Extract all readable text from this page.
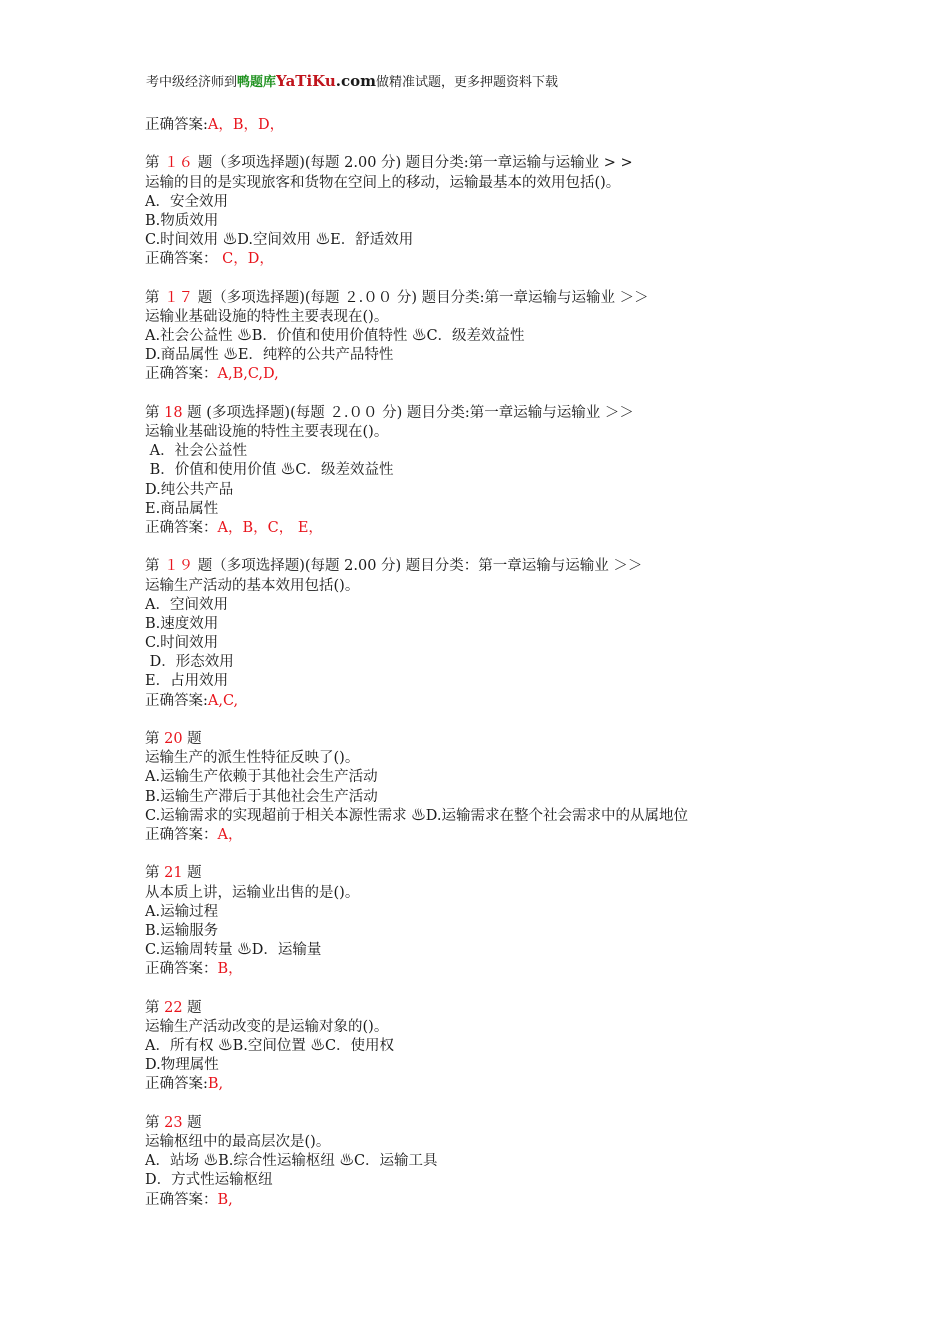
考中级经济师到鸭题库YaTiKu.com做精准试题，更多押题资料下载
正确答案:A，B，D，
第 １６ 题（多项选择题)(每题 2.00 分) 题目分类:第一章运输与运输业 > >
运输的目的是实现旅客和货物在空间上的移动，运输最基本的效用包括()。
A．安全效用
B.物质效用
C.时间效用 ♨D.空间效用 ♨E．舒适效用
正确答案： C，D，
第 １７ 题（多项选择题)(每题 ２.００ 分) 题目分类:第一章运输与运输业 ＞＞
运输业基础设施的特性主要表现在()。
A.社会公益性 ♨B．价值和使用价值特性 ♨C．级差效益性
D.商品属性 ♨E．纯粹的公共产品特性
正确答案：A,B,C,D,
第 18 题 (多项选择题)(每题 ２.００ 分) 题目分类:第一章运输与运输业 ＞＞
运输业基础设施的特性主要表现在()。
A．社会公益性
B．价值和使用价值 ♨C．级差效益性
D.纯公共产品
E.商品属性
正确答案：A，B，C， E，
第 １９ 题（多项选择题)(每题 2.00 分) 题目分类：第一章运输与运输业 ＞＞
运输生产活动的基本效用包括()。
A．空间效用
B.速度效用
C.时间效用
D．形态效用
E．占用效用
正确答案:A,C,
第 20 题
运输生产的派生性特征反映了()。
A.运输生产依赖于其他社会生产活动
B.运输生产滞后于其他社会生产活动
C.运输需求的实现超前于相关本源性需求 ♨D.运输需求在整个社会需求中的从属地位
正确答案：A，
第 21 题
从本质上讲，运输业出售的是()。
A.运输过程
B.运输服务
C.运输周转量 ♨D．运输量
正确答案：B，
第 22 题
运输生产活动改变的是运输对象的()。
A．所有权 ♨B.空间位置 ♨C．使用权
D.物理属性
正确答案:B,
第 23 题
运输枢纽中的最高层次是()。
A．站场 ♨B.综合性运输枢纽 ♨C．运输工具
D．方式性运输枢纽
正确答案：B,
